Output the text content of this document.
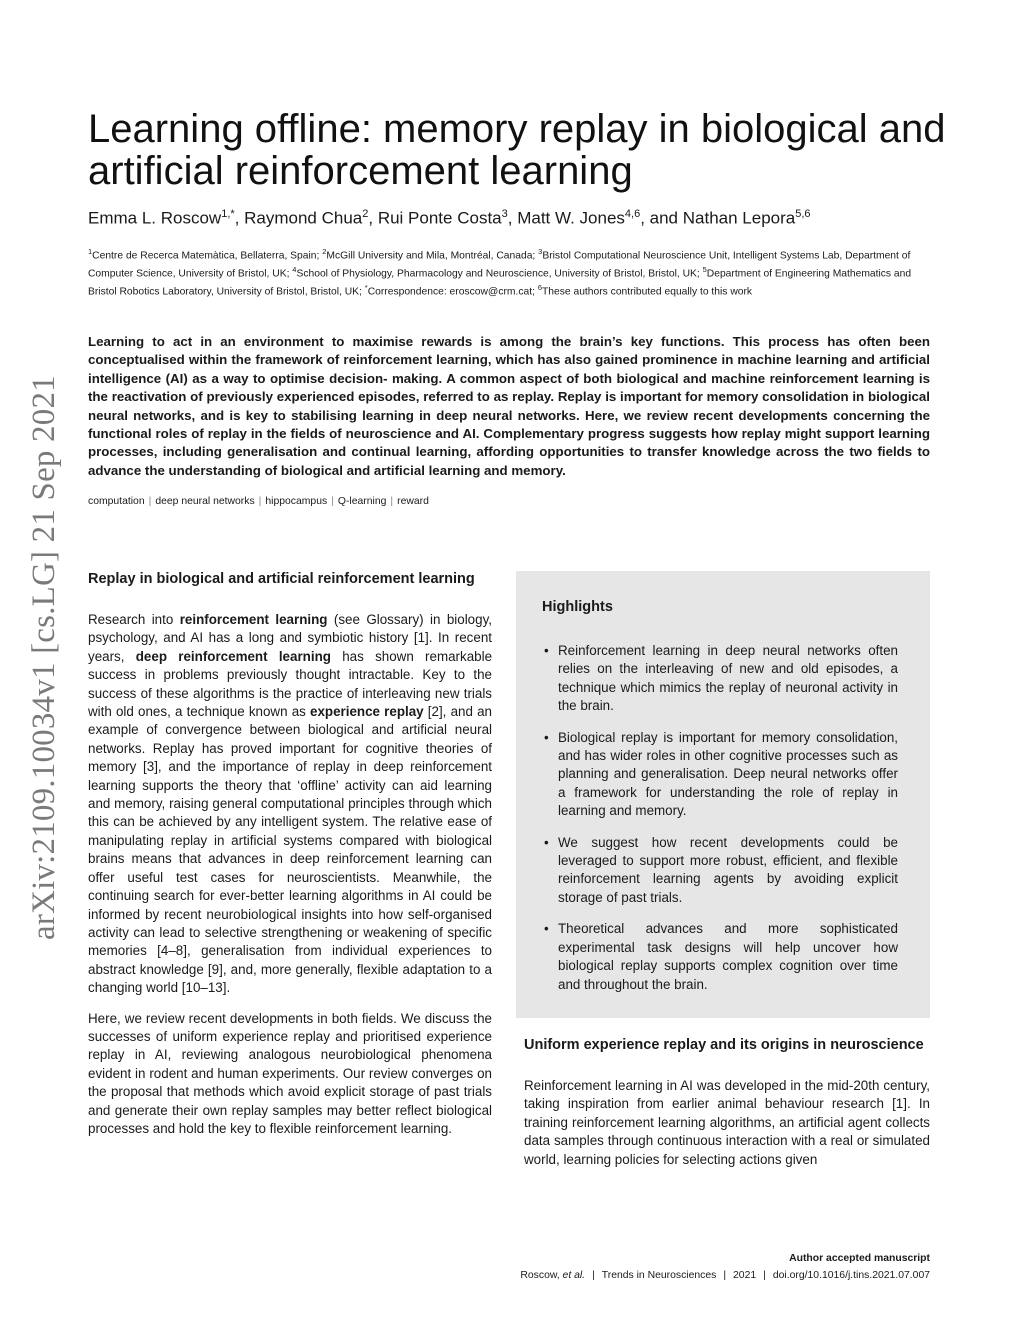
arXiv:2109.10034v1 [cs.LG] 21 Sep 2021
Learning offline: memory replay in biological and artificial reinforcement learning
Emma L. Roscow$^{1,*}$, Raymond Chua$^2$, Rui Ponte Costa$^3$, Matt W. Jones$^{4,6}$, and Nathan Lepora$^{5,6}$
$^1$Centre de Recerca Matemàtica, Bellaterra, Spain; $^2$McGill University and Mila, Montréal, Canada; $^3$Bristol Computational Neuroscience Unit, Intelligent Systems Lab, Department of Computer Science, University of Bristol, UK; $^4$School of Physiology, Pharmacology and Neuroscience, University of Bristol, Bristol, UK; $^5$Department of Engineering Mathematics and Bristol Robotics Laboratory, University of Bristol, Bristol, UK; *Correspondence: eroscow@crm.cat; $^6$These authors contributed equally to this work

Learning to act in an environment to maximise rewards is among the brain’s key functions. This process has often been conceptualised within the framework of reinforcement learning, which has also gained prominence in machine learning and artificial intelligence (AI) as a way to optimise decision- making. A common aspect of both biological and machine reinforcement learning is the reactivation of previously experienced episodes, referred to as replay. Replay is important for memory consolidation in biological neural networks, and is key to stabilising learning in deep neural networks. Here, we review recent developments concerning the functional roles of replay in the fields of neuroscience and AI. Complementary progress suggests how replay might support learning processes, including generalisation and continual learning, affording opportunities to transfer knowledge across the two fields to advance the understanding of biological and artificial learning and memory.

computation | deep neural networks | hippocampus | Q-learning | reward
Replay in biological and artificial reinforcement learning

Research into reinforcement learning (see Glossary) in biology, psychology, and AI has a long and symbiotic history [1]. In recent years, deep reinforcement learning has shown remarkable success in problems previously thought intractable. Key to the success of these algorithms is the practice of interleaving new trials with old ones, a technique known as experience replay [2], and an example of convergence between biological and artificial neural networks. Replay has proved important for cognitive theories of memory [3], and the importance of replay in deep reinforcement learning supports the theory that ‘offline’ activity can aid learning and memory, raising general computational principles through which this can be achieved by any intelligent system. The relative ease of manipulating replay in artificial systems compared with biological brains means that advances in deep reinforcement learning can offer useful test cases for neuroscientists. Meanwhile, the continuing search for ever-better learning algorithms in AI could be informed by recent neurobiological insights into how self-organised activity can lead to selective strengthening or weakening of specific memories [4–8], generalisation from individual experiences to abstract knowledge [9], and, more generally, flexible adaptation to a changing world [10–13].

Here, we review recent developments in both fields. We discuss the successes of uniform experience replay and prioritised experience replay in AI, reviewing analogous neurobiological phenomena evident in rodent and human experiments. Our review converges on the proposal that methods which avoid explicit storage of past trials and generate their own replay samples may better reflect biological processes and hold the key to flexible reinforcement learning.

Highlights
• Reinforcement learning in deep neural networks often relies on the interleaving of new and old episodes, a technique which mimics the replay of neuronal activity in the brain.
• Biological replay is important for memory consolidation, and has wider roles in other cognitive processes such as planning and generalisation. Deep neural networks offer a framework for understanding the role of replay in learning and memory.
• We suggest how recent developments could be leveraged to support more robust, efficient, and flexible reinforcement learning agents by avoiding explicit storage of past trials.
• Theoretical advances and more sophisticated experimental task designs will help uncover how biological replay supports complex cognition over time and throughout the brain.
Uniform experience replay and its origins in neuroscience

Reinforcement learning in AI was developed in the mid-20th century, taking inspiration from earlier animal behaviour research [1]. In training reinforcement learning algorithms, an artificial agent collects data samples through continuous interaction with a real or simulated world, learning policies for selecting actions given

Author accepted manuscript
Roscow, et al. | Trends in Neurosciences | 2021 | doi.org/10.1016/j.tins.2021.07.007
